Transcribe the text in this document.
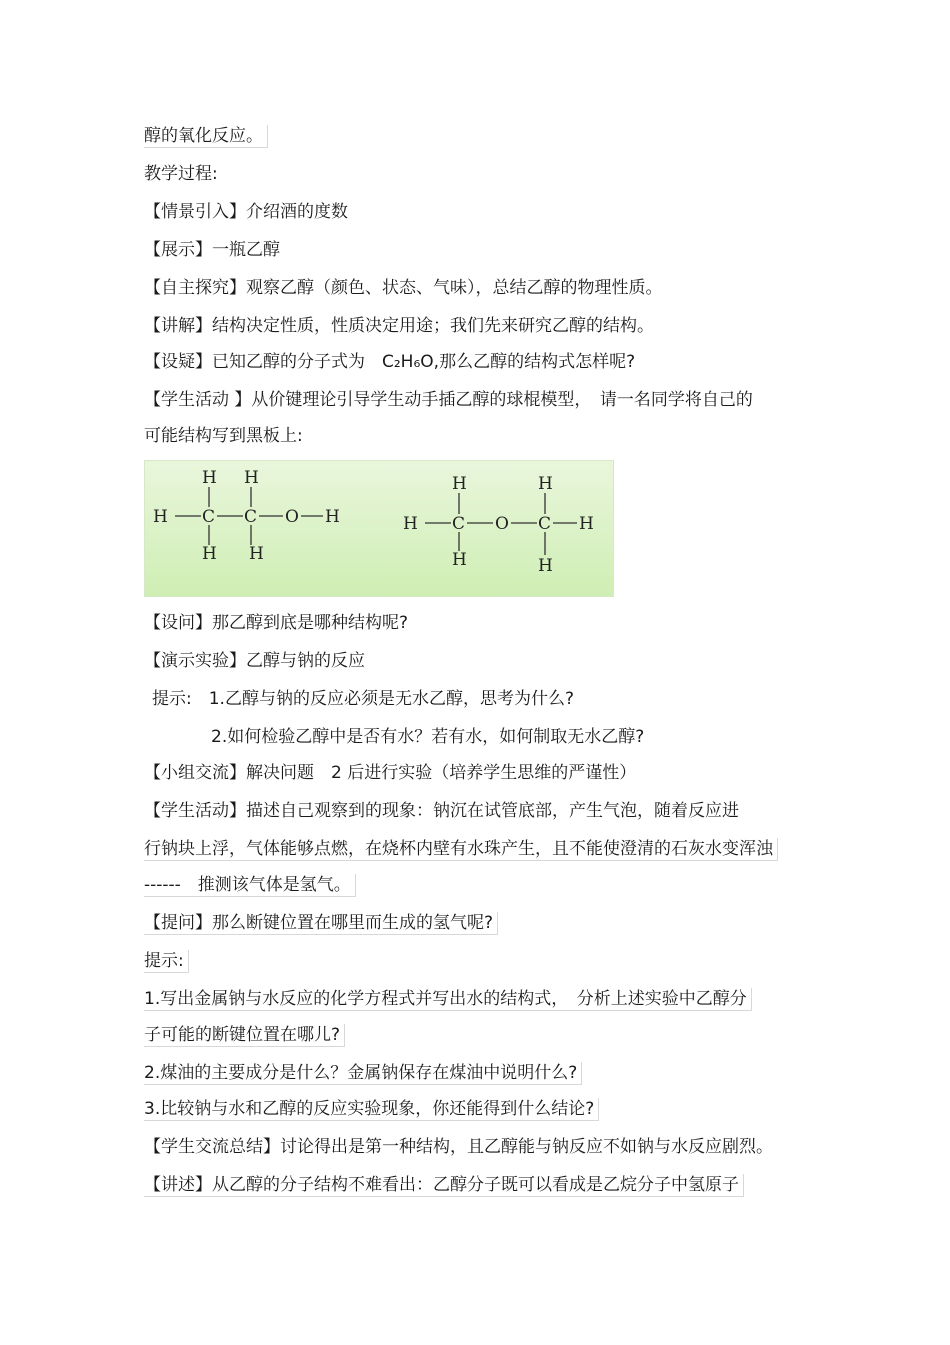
醇的氧化反应。
教学过程:
【情景引入】介绍酒的度数
【展示】一瓶乙醇
【自主探究】观察乙醇（颜色、状态、气味），总结乙醇的物理性质。
【讲解】结构决定性质，性质决定用途；我们先来研究乙醇的结构。
【设疑】已知乙醇的分子式为　C₂H₆O,那么乙醇的结构式怎样呢?
【学生活动 】从价键理论引导学生动手插乙醇的球棍模型，　请一名同学将自己的
可能结构写到黑板上:
H C C O H
H H
H H
H C O C H
H	H
H	H
【设问】那乙醇到底是哪种结构呢?
【演示实验】乙醇与钠的反应
提示:　1.乙醇与钠的反应必须是无水乙醇，思考为什么?
2.如何检验乙醇中是否有水？若有水，如何制取无水乙醇?
【小组交流】解决问题　2 后进行实验（培养学生思维的严谨性）
【学生活动】描述自己观察到的现象：钠沉在试管底部，产生气泡，随着反应进
行钠块上浮，气体能够点燃，在烧杯内壁有水珠产生，且不能使澄清的石灰水变浑浊
------　推测该气体是氢气。
【提问】那么断键位置在哪里而生成的氢气呢?
提示:
1.写出金属钠与水反应的化学方程式并写出水的结构式，　分析上述实验中乙醇分
子可能的断键位置在哪儿?
2.煤油的主要成分是什么？金属钠保存在煤油中说明什么?
3.比较钠与水和乙醇的反应实验现象，你还能得到什么结论?
【学生交流总结】讨论得出是第一种结构，且乙醇能与钠反应不如钠与水反应剧烈。
【讲述】从乙醇的分子结构不难看出：乙醇分子既可以看成是乙烷分子中氢原子
